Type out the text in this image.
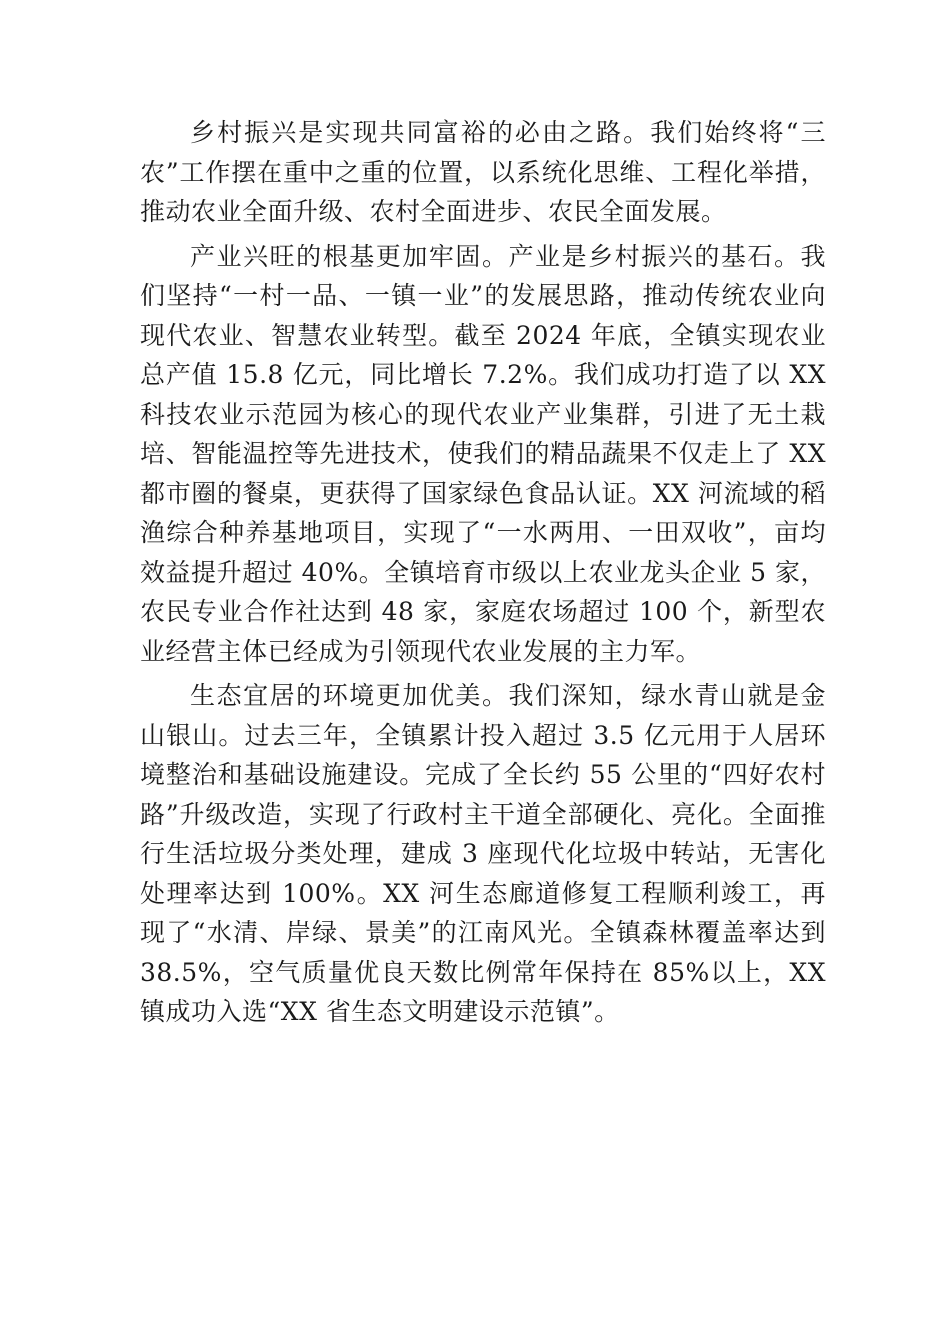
乡村振兴是实现共同富裕的必由之路。我们始终将“三农”工作摆在重中之重的位置，以系统化思维、工程化举措，推动农业全面升级、农村全面进步、农民全面发展。

产业兴旺的根基更加牢固。产业是乡村振兴的基石。我们坚持“一村一品、一镇一业”的发展思路，推动传统农业向现代农业、智慧农业转型。截至 2024 年底，全镇实现农业总产值 15.8 亿元，同比增长 7.2%。我们成功打造了以 XX 科技农业示范园为核心的现代农业产业集群，引进了无土栽培、智能温控等先进技术，使我们的精品蔬果不仅走上了 XX 都市圈的餐桌，更获得了国家绿色食品认证。XX 河流域的稻渔综合种养基地项目，实现了“一水两用、一田双收”，亩均效益提升超过 40%。全镇培育市级以上农业龙头企业 5 家，农民专业合作社达到 48 家，家庭农场超过 100 个，新型农业经营主体已经成为引领现代农业发展的主力军。

生态宜居的环境更加优美。我们深知，绿水青山就是金山银山。过去三年，全镇累计投入超过 3.5 亿元用于人居环境整治和基础设施建设。完成了全长约 55 公里的“四好农村路”升级改造，实现了行政村主干道全部硬化、亮化。全面推行生活垃圾分类处理，建成 3 座现代化垃圾中转站，无害化处理率达到 100%。XX 河生态廊道修复工程顺利竣工，再现了“水清、岸绿、景美”的江南风光。全镇森林覆盖率达到 38.5%，空气质量优良天数比例常年保持在 85%以上，XX 镇成功入选“XX 省生态文明建设示范镇”。
